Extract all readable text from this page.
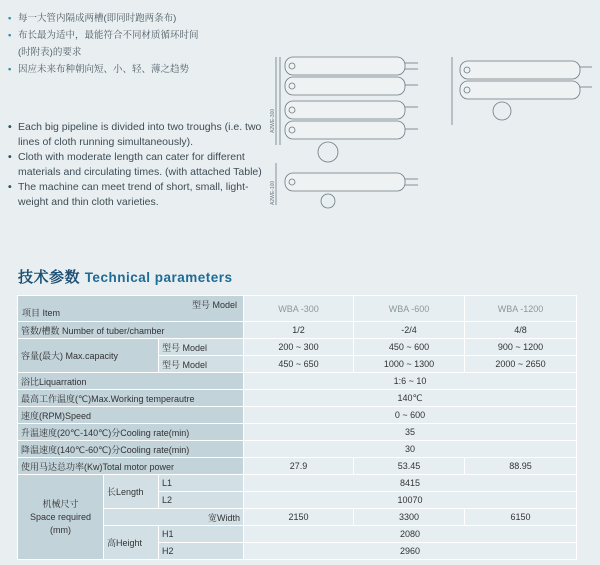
• 每一大管内隔成两槽(即同时跑两条布)
• 布长最为适中，最能符合不同材质循环时间
(时附表)的要求
• 因应未来布种朝向短、小、轻、薄之趋势
• Each big pipeline is divided into two troughs (i.e. two lines of cloth running simultaneously).
• Cloth with moderate length can cater for different materials and circulating times. (with attached Table)
• The machine can meet trend of short, small, light-weight and thin cloth varieties.
A2WE-300
A2WE-100
技术参数 Technical parameters
型号 Model
项目 Item			WBA -300	WBA -600	WBA -1200
管数/槽数 Number of tuber/chamber			1/2	-2/4	4/8
容量(最大) Max.capacity		型号 Model	200 ~ 300	450 ~ 600	900 ~ 1200
		型号 Model	450 ~ 650	1000 ~ 1300	2000 ~ 2650
浴比Liquarration			1:6 ~ 10		
最高工作温度(℃)Max.Working temperautre			140℃		
速度(RPM)Speed			0 ~ 600		
升温速度(20℃-140℃)分Cooling rate(min)			35		
降温速度(140℃-60℃)分Cooling rate(min)			30		
使用马达总功率(Kw)Total motor power			27.9	53.45	88.95

机械尺寸
Space required
(mm)	长Length	L1	8415		
		L2	10070		
	宽Width		2150	3300	6150
	高Height	H1	2080		
		H2	2960		
